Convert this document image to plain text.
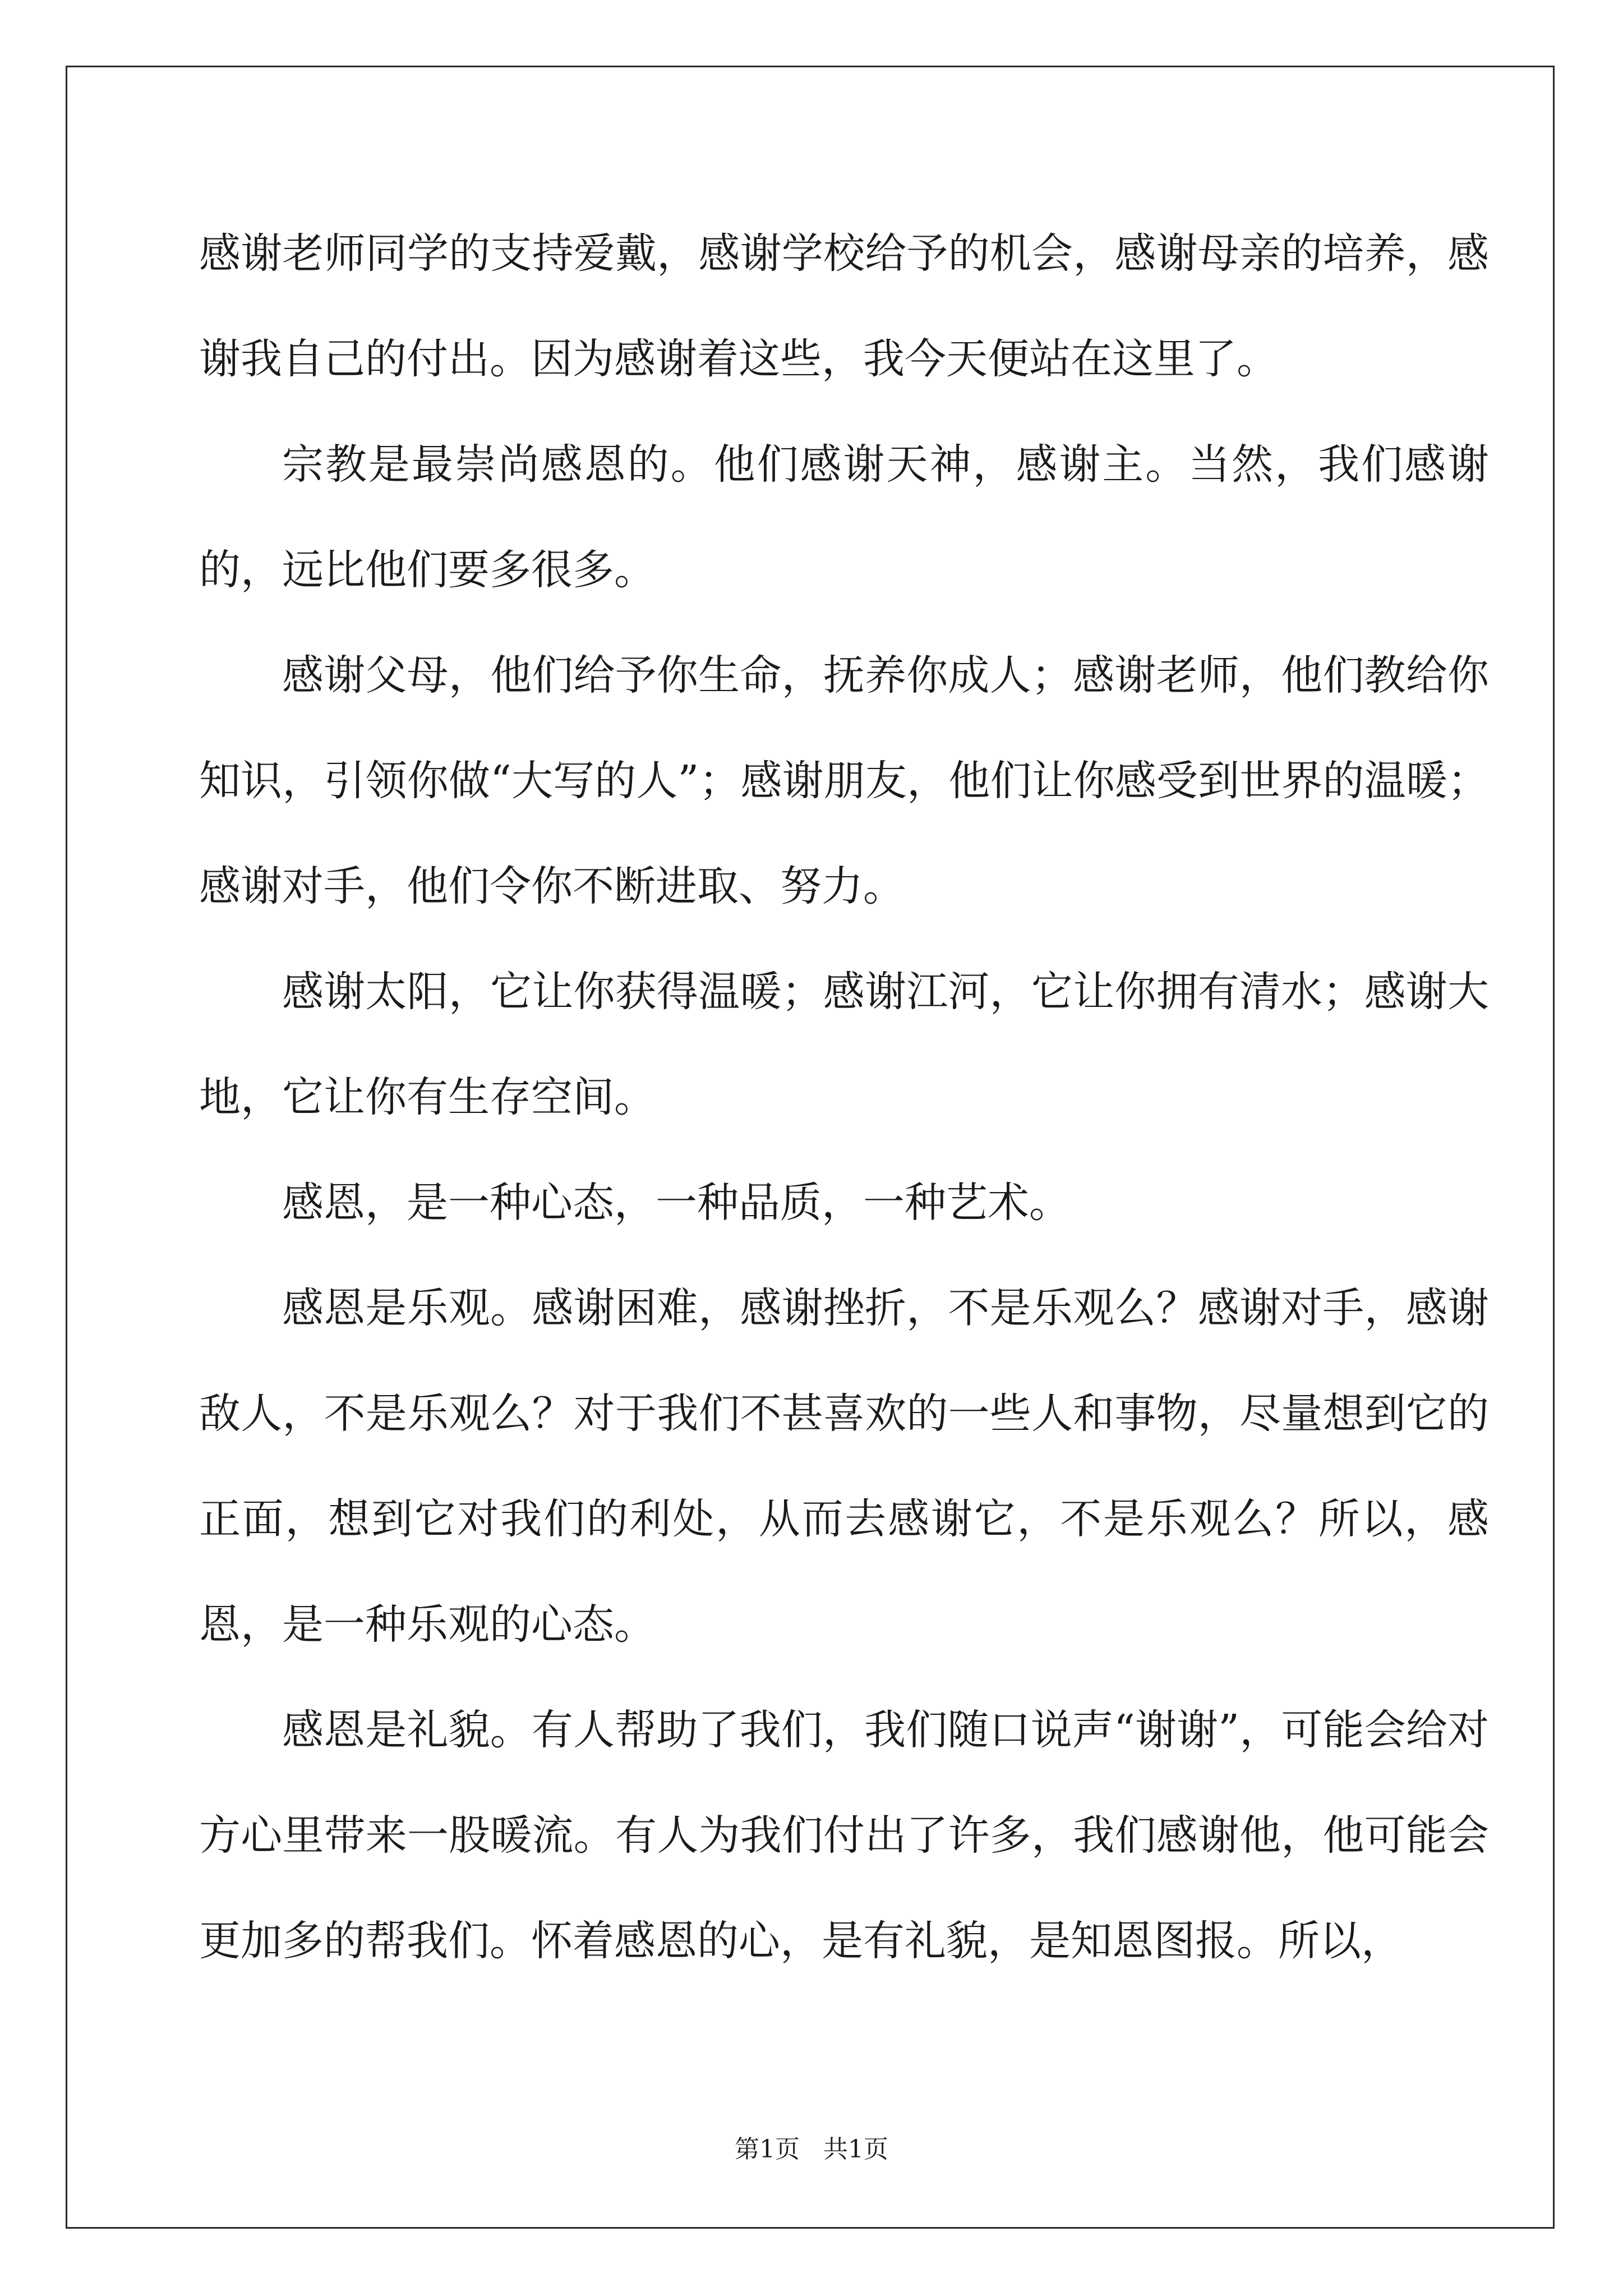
感谢老师同学的支持爱戴，感谢学校给予的机会，感谢母亲的培养，感谢我自己的付出。因为感谢着这些，我今天便站在这里了。

宗教是最崇尚感恩的。他们感谢天神，感谢主。当然，我们感谢的，远比他们要多很多。

感谢父母，他们给予你生命，抚养你成人；感谢老师，他们教给你知识，引领你做“大写的人”；感谢朋友，他们让你感受到世界的温暖；感谢对手，他们令你不断进取、努力。

感谢太阳，它让你获得温暖；感谢江河，它让你拥有清水；感谢大地，它让你有生存空间。

感恩，是一种心态，一种品质，一种艺术。

感恩是乐观。感谢困难，感谢挫折，不是乐观么？感谢对手，感谢敌人，不是乐观么？对于我们不甚喜欢的一些人和事物，尽量想到它的正面，想到它对我们的利处，从而去感谢它，不是乐观么？所以，感恩，是一种乐观的心态。

感恩是礼貌。有人帮助了我们，我们随口说声“谢谢”，可能会给对方心里带来一股暖流。有人为我们付出了许多，我们感谢他，他可能会更加多的帮我们。怀着感恩的心，是有礼貌，是知恩图报。所以，

第1页   共1页
